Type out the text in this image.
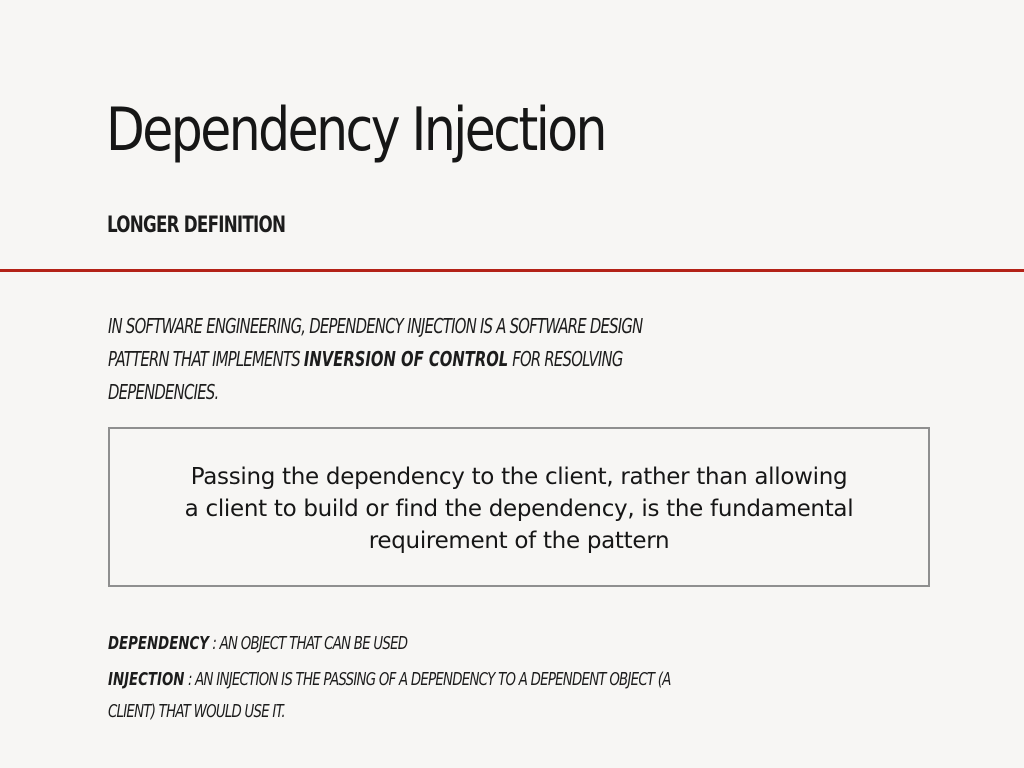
Dependency Injection
LONGER DEFINITION

IN SOFTWARE ENGINEERING, DEPENDENCY INJECTION IS A SOFTWARE DESIGN
PATTERN THAT IMPLEMENTS INVERSION OF CONTROL FOR RESOLVING
DEPENDENCIES.

Passing the dependency to the client, rather than allowing
a client to build or find the dependency, is the fundamental
requirement of the pattern

DEPENDENCY : AN OBJECT THAT CAN BE USED
INJECTION : AN INJECTION IS THE PASSING OF A DEPENDENCY TO A DEPENDENT OBJECT (A
CLIENT) THAT WOULD USE IT.
